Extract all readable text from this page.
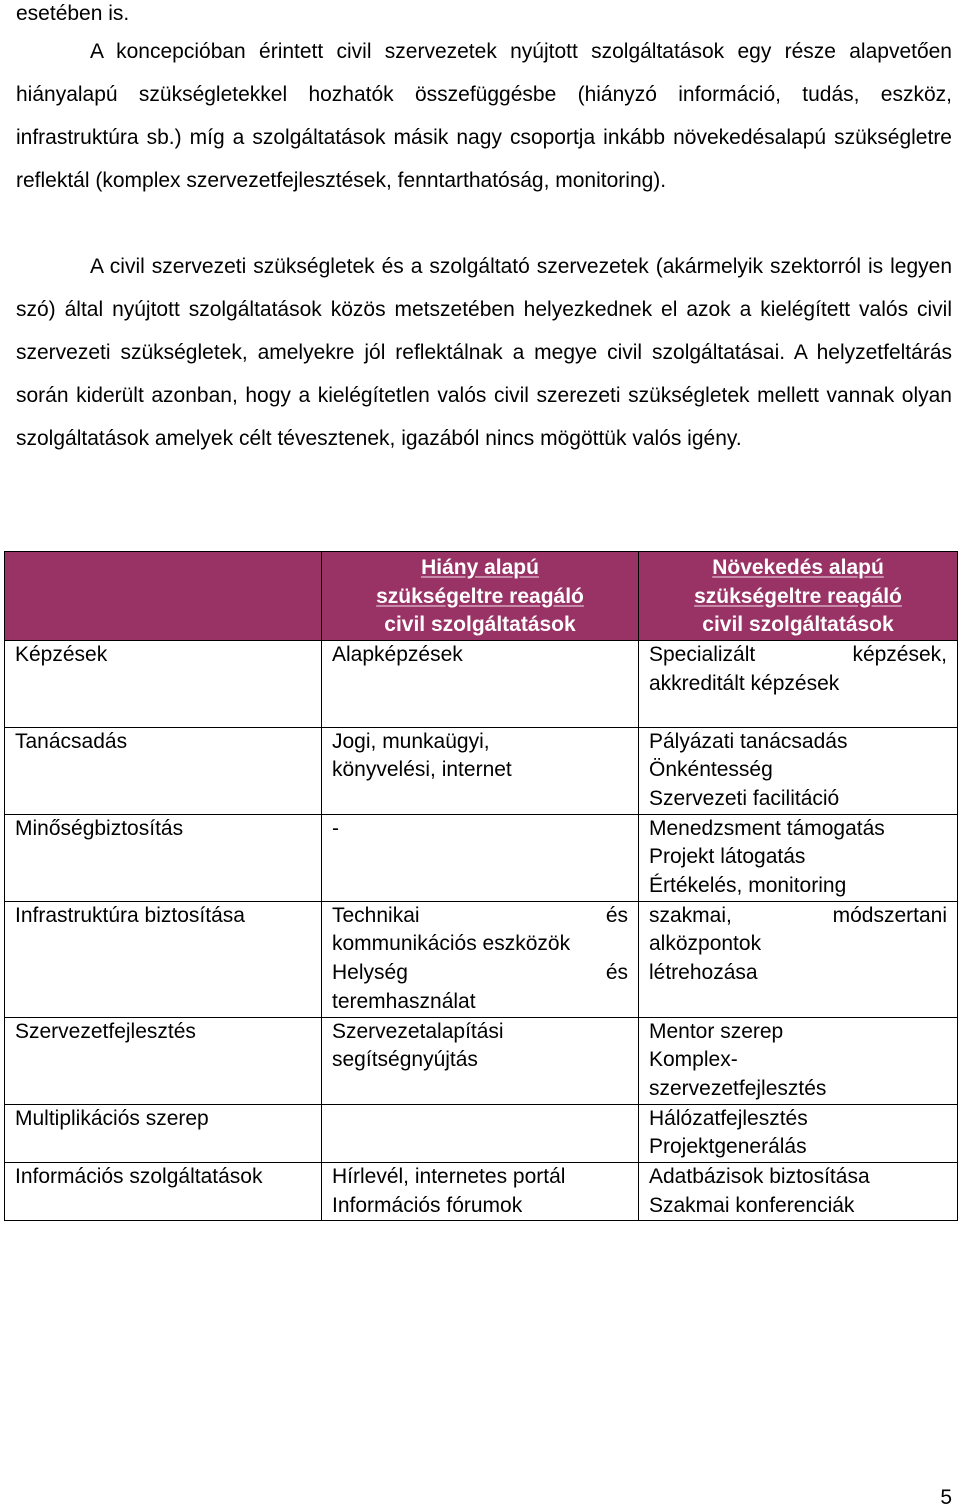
esetében is.

A koncepcióban érintett civil szervezetek nyújtott szolgáltatások egy része alapvetően hiányalapú szükségletekkel hozhatók összefüggésbe (hiányzó információ, tudás, eszköz, infrastruktúra sb.) míg a szolgáltatások másik nagy csoportja inkább növekedésalapú szükségletre reflektál (komplex szervezetfejlesztések, fenntarthatóság, monitoring).

A civil szervezeti szükségletek és a szolgáltató szervezetek (akármelyik szektorról is legyen szó) által nyújtott szolgáltatások közös metszetében helyezkednek el azok a kielégített valós civil szervezeti szükségletek, amelyekre jól reflektálnak a megye civil szolgáltatásai. A helyzetfeltárás során kiderült azonban, hogy a kielégítetlen valós civil szerezeti szükségletek mellett vannak olyan szolgáltatások amelyek célt tévesztenek, igazából nincs mögöttük valós igény.

	Hiány alapú
szükségeltre reagáló
civil szolgáltatások	Növekedés alapú
szükségeltre reagáló
civil szolgáltatások

Képzések	Alapképzések	Specializált képzések,
akkreditált képzések

Tanácsadás	Jogi, munkaügyi,
könyvelési, internet	Pályázati tanácsadás
Önkéntesség
Szervezeti facilitáció

Minőségbiztosítás	-	Menedzsment támogatás
Projekt látogatás
Értékelés, monitoring

Infrastruktúra biztosítása	Technikai és
kommunikációs eszközök
Helység és
teremhasználat	szakmai, módszertani
alközpontok
létrehozása

Szervezetfejlesztés	Szervezetalapítási
segítségnyújtás	Mentor szerep
Komplex-
szervezetfejlesztés

Multiplikációs szerep		Hálózatfejlesztés
Projektgenerálás

Információs szolgáltatások	Hírlevél, internetes portál
Információs fórumok	Adatbázisok biztosítása
Szakmai konferenciák
5
